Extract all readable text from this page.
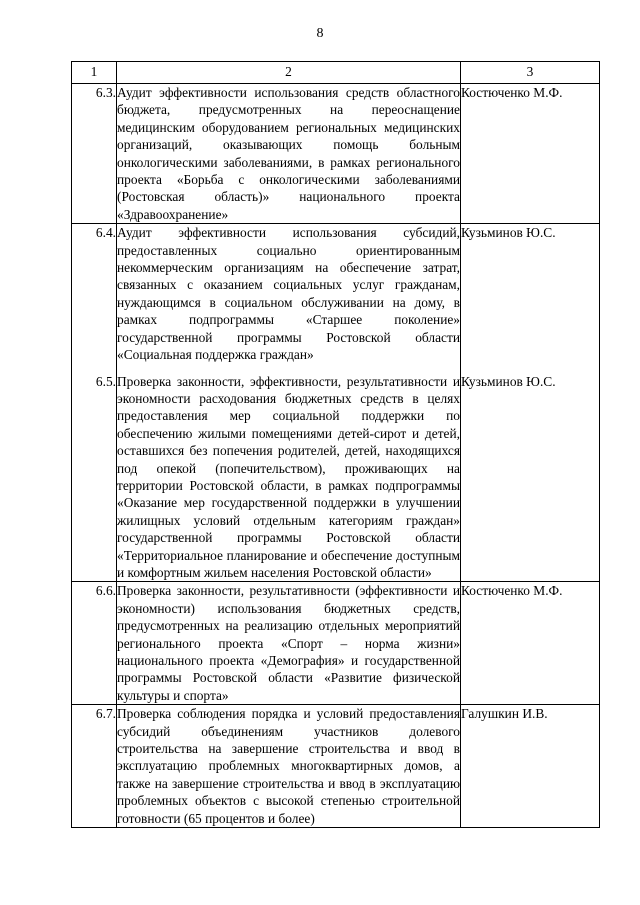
8
1	2	3
6.3.	Аудит эффективности использования средств областного бюджета, предусмотренных на переоснащение медицинским оборудованием региональных медицинских организаций, оказывающих помощь больным онкологическими заболеваниями, в рамках регионального проекта «Борьба с онкологическими заболеваниями (Ростовская область)» национального проекта «Здравоохранение»	Костюченко М.Ф.
6.4.	Аудит эффективности использования субсидий, предоставленных социально ориентированным некоммерческим организациям на обеспечение затрат, связанных с оказанием социальных услуг гражданам, нуждающимся в социальном обслуживании на дому, в рамках подпрограммы «Старшее поколение» государственной программы Ростовской области «Социальная поддержка граждан»	Кузьминов Ю.С.
6.5.	Проверка законности, эффективности, результативности и экономности расходования бюджетных средств в целях предоставления мер социальной поддержки по обеспечению жилыми помещениями детей-сирот и детей, оставшихся без попечения родителей, детей, находящихся под опекой (попечительством), проживающих на территории Ростовской области, в рамках подпрограммы «Оказание мер государственной поддержки в улучшении жилищных условий отдельным категориям граждан» государственной программы Ростовской области «Территориальное планирование и обеспечение доступным и комфортным жильем населения Ростовской области»	Кузьминов Ю.С.
6.6.	Проверка законности, результативности (эффективности и экономности) использования бюджетных средств, предусмотренных на реализацию отдельных мероприятий регионального проекта «Спорт – норма жизни» национального проекта «Демография» и государственной программы Ростовской области «Развитие физической культуры и спорта»	Костюченко М.Ф.
6.7.	Проверка соблюдения порядка и условий предоставления субсидий объединениям участников долевого строительства на завершение строительства и ввод в эксплуатацию проблемных многоквартирных домов, а также на завершение строительства и ввод в эксплуатацию проблемных объектов с высокой степенью строительной готовности (65 процентов и более)	Галушкин И.В.
